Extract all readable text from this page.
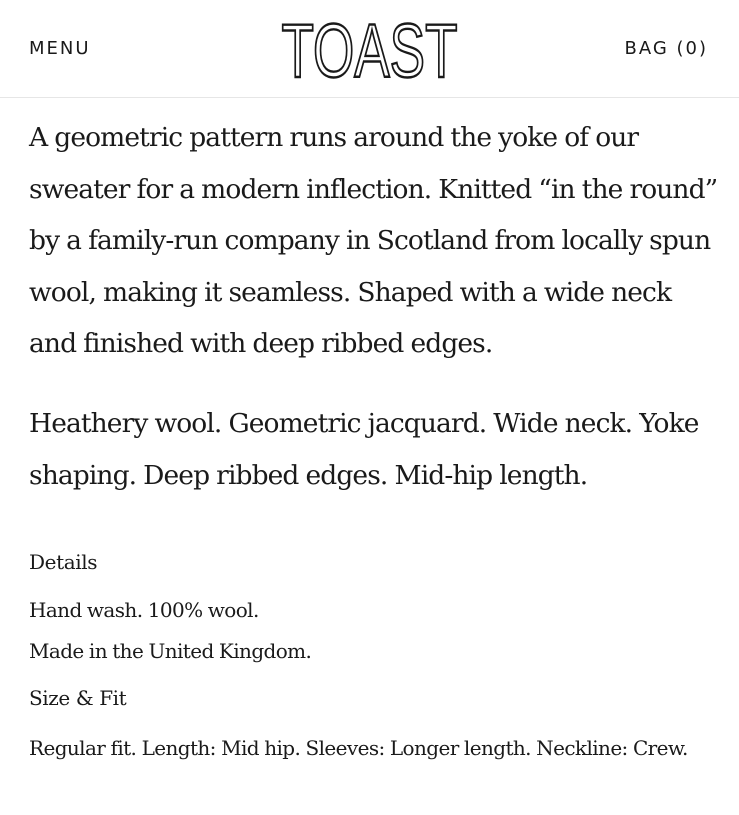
MENU	TOAST	BAG (0)

A geometric pattern runs around the yoke of our sweater for a modern inflection. Knitted “in the round” by a family-run company in Scotland from locally spun wool, making it seamless. Shaped with a wide neck and finished with deep ribbed edges.

Heathery wool. Geometric jacquard. Wide neck. Yoke shaping. Deep ribbed edges. Mid-hip length.

Details
Hand wash. 100% wool.
Made in the United Kingdom.
Size & Fit

Regular fit. Length: Mid hip. Sleeves: Longer length. Neckline: Crew.
